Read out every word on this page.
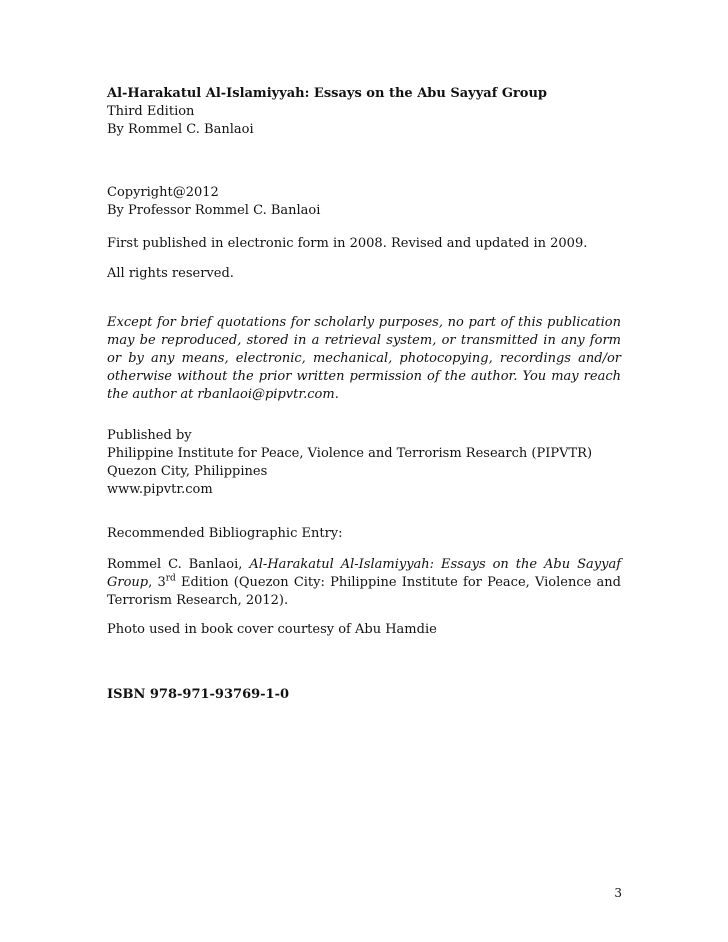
Al-Harakatul Al-Islamiyyah: Essays on the Abu Sayyaf Group
Third Edition
By Rommel C. Banlaoi
Copyright@2012
By Professor Rommel C. Banlaoi
First published in electronic form in 2008. Revised and updated in 2009.
All rights reserved.
Except for brief quotations for scholarly purposes, no part of this publication may be reproduced, stored in a retrieval system, or transmitted in any form or by any means, electronic, mechanical, photocopying, recordings and/or otherwise without the prior written permission of the author. You may reach the author at rbanlaoi@pipvtr.com.
Published by
Philippine Institute for Peace, Violence and Terrorism Research (PIPVTR)
Quezon City, Philippines
www.pipvtr.com
Recommended Bibliographic Entry:
Rommel C. Banlaoi, Al-Harakatul Al-Islamiyyah: Essays on the Abu Sayyaf Group, 3rd Edition (Quezon City: Philippine Institute for Peace, Violence and Terrorism Research, 2012).
Photo used in book cover courtesy of Abu Hamdie
ISBN 978-971-93769-1-0
3
